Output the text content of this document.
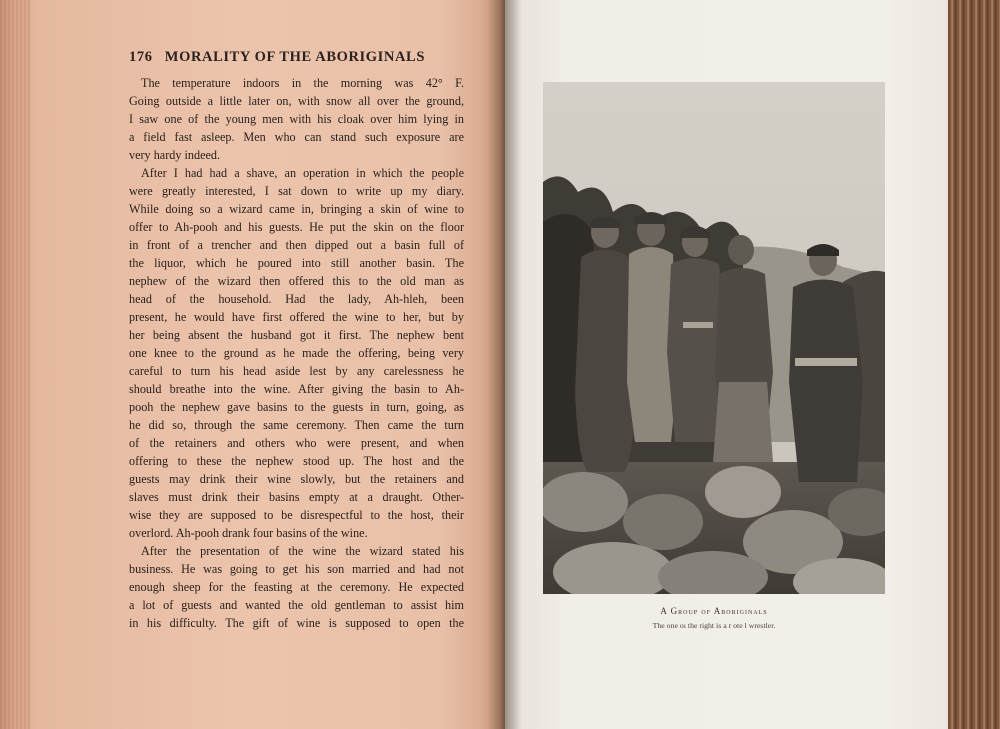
176 MORALITY OF THE ABORIGINALS
The temperature indoors in the morning was 42° F.
Going outside a little later on, with snow all over the ground,
I saw one of the young men with his cloak over him lying in
a field fast asleep. Men who can stand such exposure are
very hardy indeed.
After I had had a shave, an operation in which the people
were greatly interested, I sat down to write up my diary.
While doing so a wizard came in, bringing a skin of wine to
offer to Ah-pooh and his guests. He put the skin on the floor
in front of a trencher and then dipped out a basin full of
the liquor, which he poured into still another basin. The
nephew of the wizard then offered this to the old man as
head of the household. Had the lady, Ah-hleh, been
present, he would have first offered the wine to her, but by
her being absent the husband got it first. The nephew bent
one knee to the ground as he made the offering, being very
careful to turn his head aside lest by any carelessness he
should breathe into the wine. After giving the basin to Ah-
pooh the nephew gave basins to the guests in turn, going, as
he did so, through the same ceremony. Then came the turn
of the retainers and others who were present, and when
offering to these the nephew stood up. The host and the
guests may drink their wine slowly, but the retainers and
slaves must drink their basins empty at a draught. Other-
wise they are supposed to be disrespectful to the host, their
overlord. Ah-pooh drank four basins of the wine.
After the presentation of the wine the wizard stated his
business. He was going to get his son married and had not
enough sheep for the feasting at the ceremony. He expected
a lot of guests and wanted the old gentleman to assist him
in his difficulty. The gift of wine is supposed to open the
A Group of Aboriginals
The one oı the right is a r ote l wrestler.
